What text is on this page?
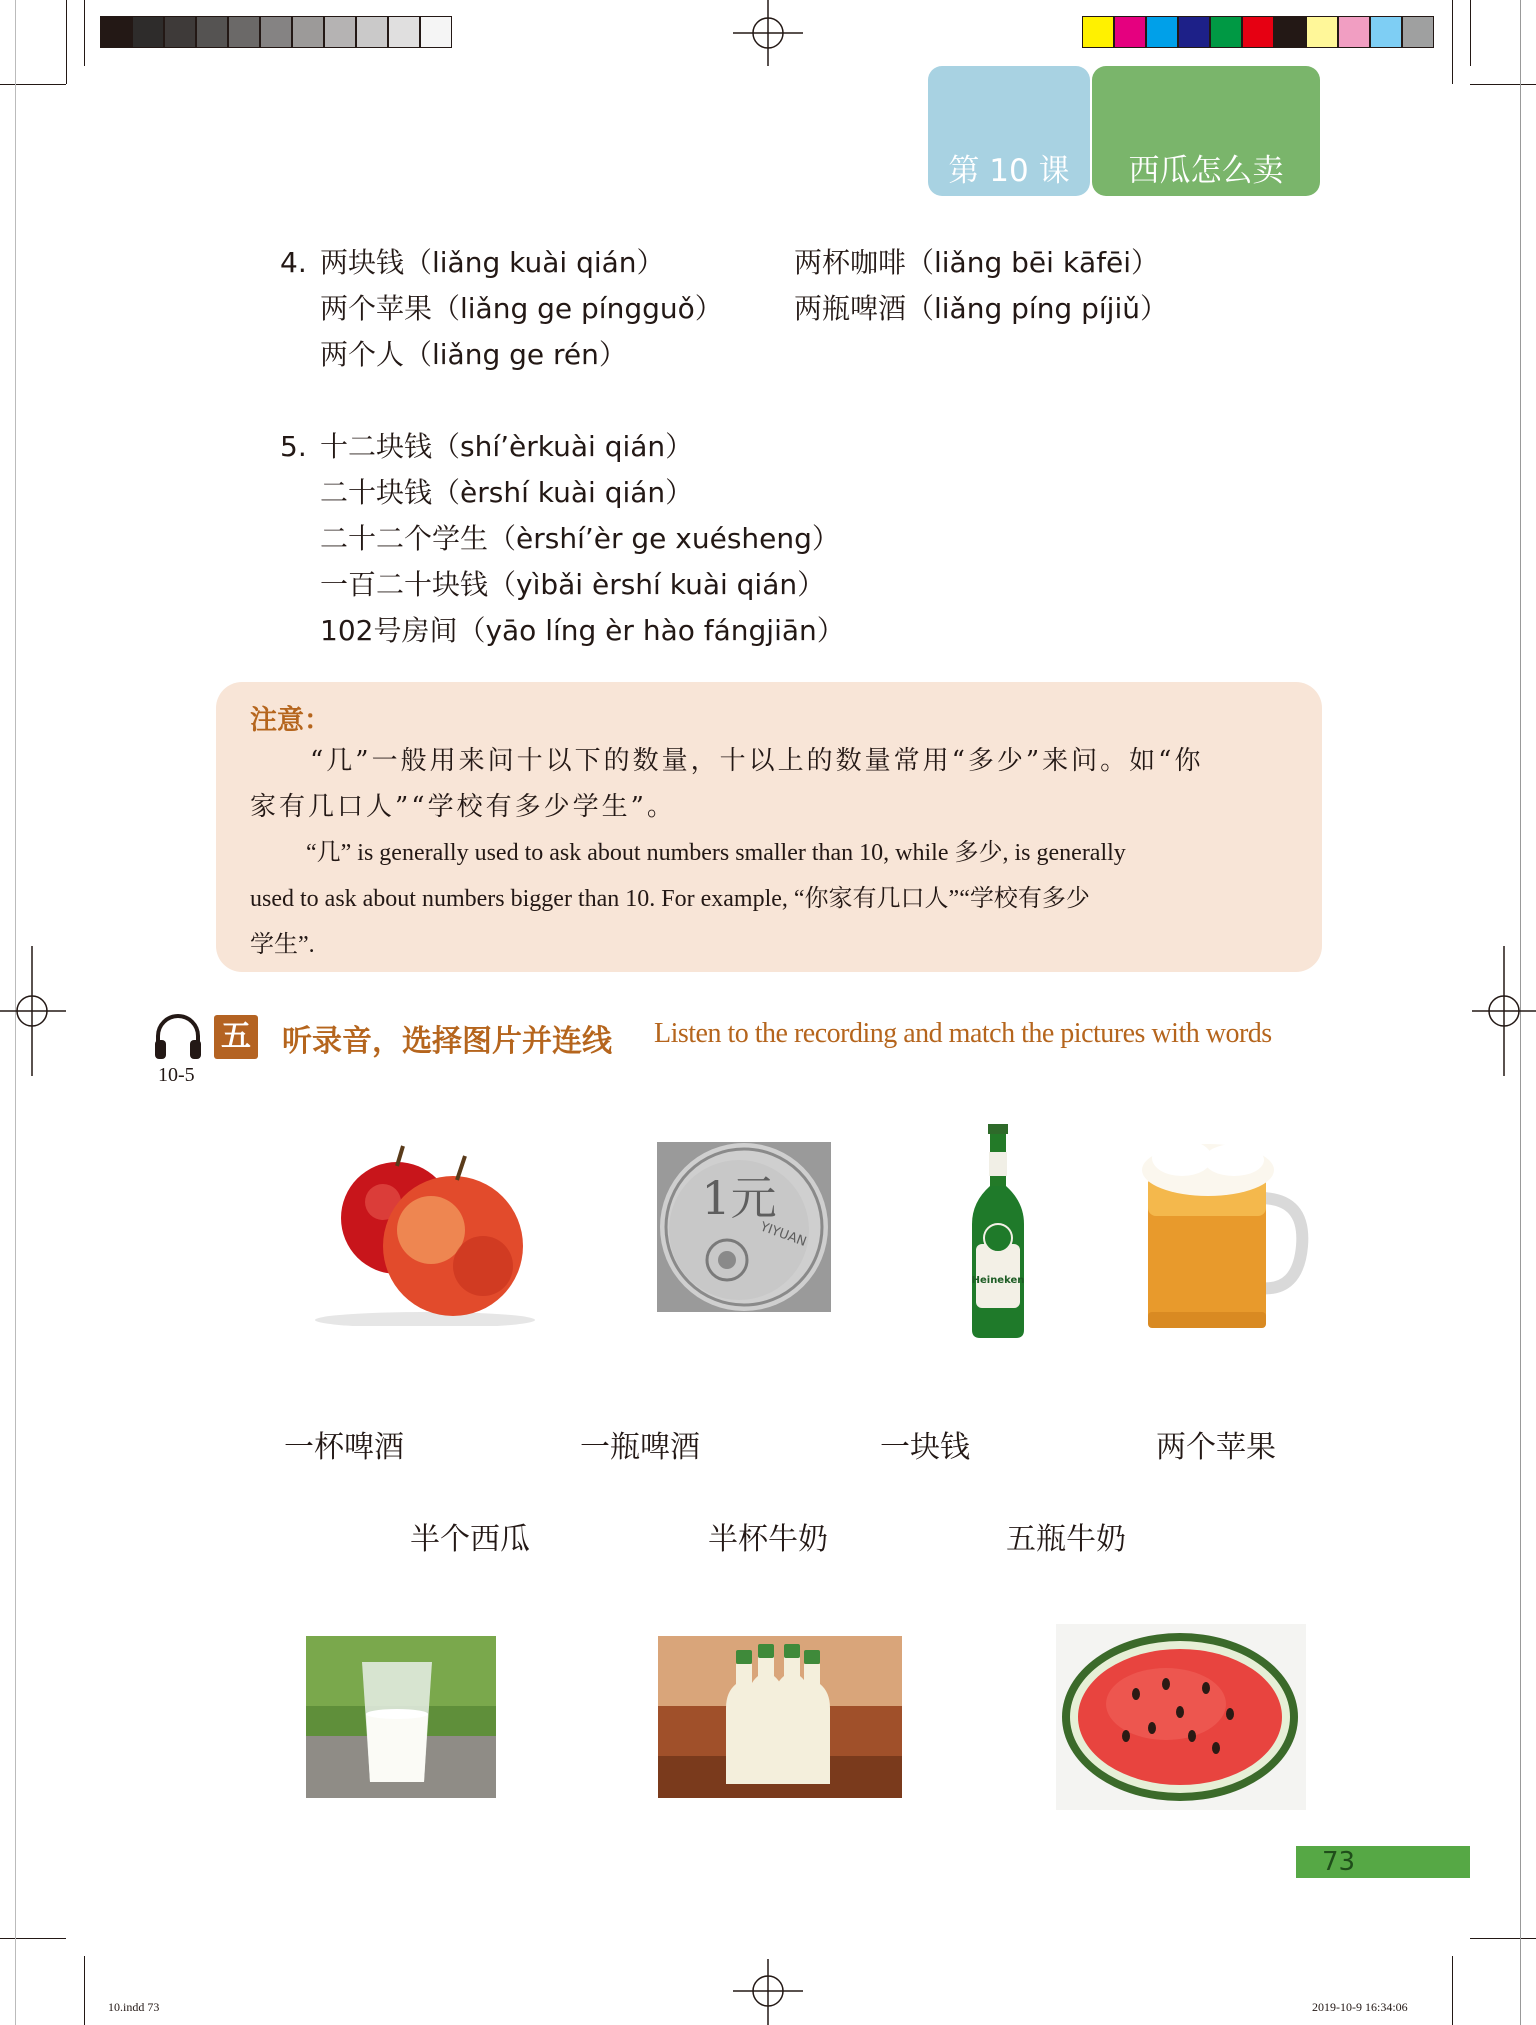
第 10 课	西瓜怎么卖
4. 两块钱（liǎng kuài qián）
两个苹果（liǎng ge píngguǒ）
两个人（liǎng ge rén）
两杯咖啡（liǎng bēi kāfēi）
两瓶啤酒（liǎng píng píjiǔ）
5. 十二块钱（shí’èrkuài qián）
二十块钱（èrshí kuài qián）
二十二个学生（èrshí’èr ge xuésheng）
一百二十块钱（yìbǎi èrshí kuài qián）
102号房间（yāo líng èr hào fángjiān）
注意：
“几”一般用来问十以下的数量，十以上的数量常用“多少”来问。如“你
家有几口人”“学校有多少学生”。
“几” is generally used to ask about numbers smaller than 10, while 多少, is generally
used to ask about numbers bigger than 10. For example, “你家有几口人”“学校有多少
学生”.
10-5
五 听录音，选择图片并连线 Listen to the recording and match the pictures with words
1元
YIYUAN
Heineken
一杯啤酒	一瓶啤酒	一块钱	两个苹果
半个西瓜	半杯牛奶	五瓶牛奶
73
10.indd 73	2019-10-9 16:34:06
